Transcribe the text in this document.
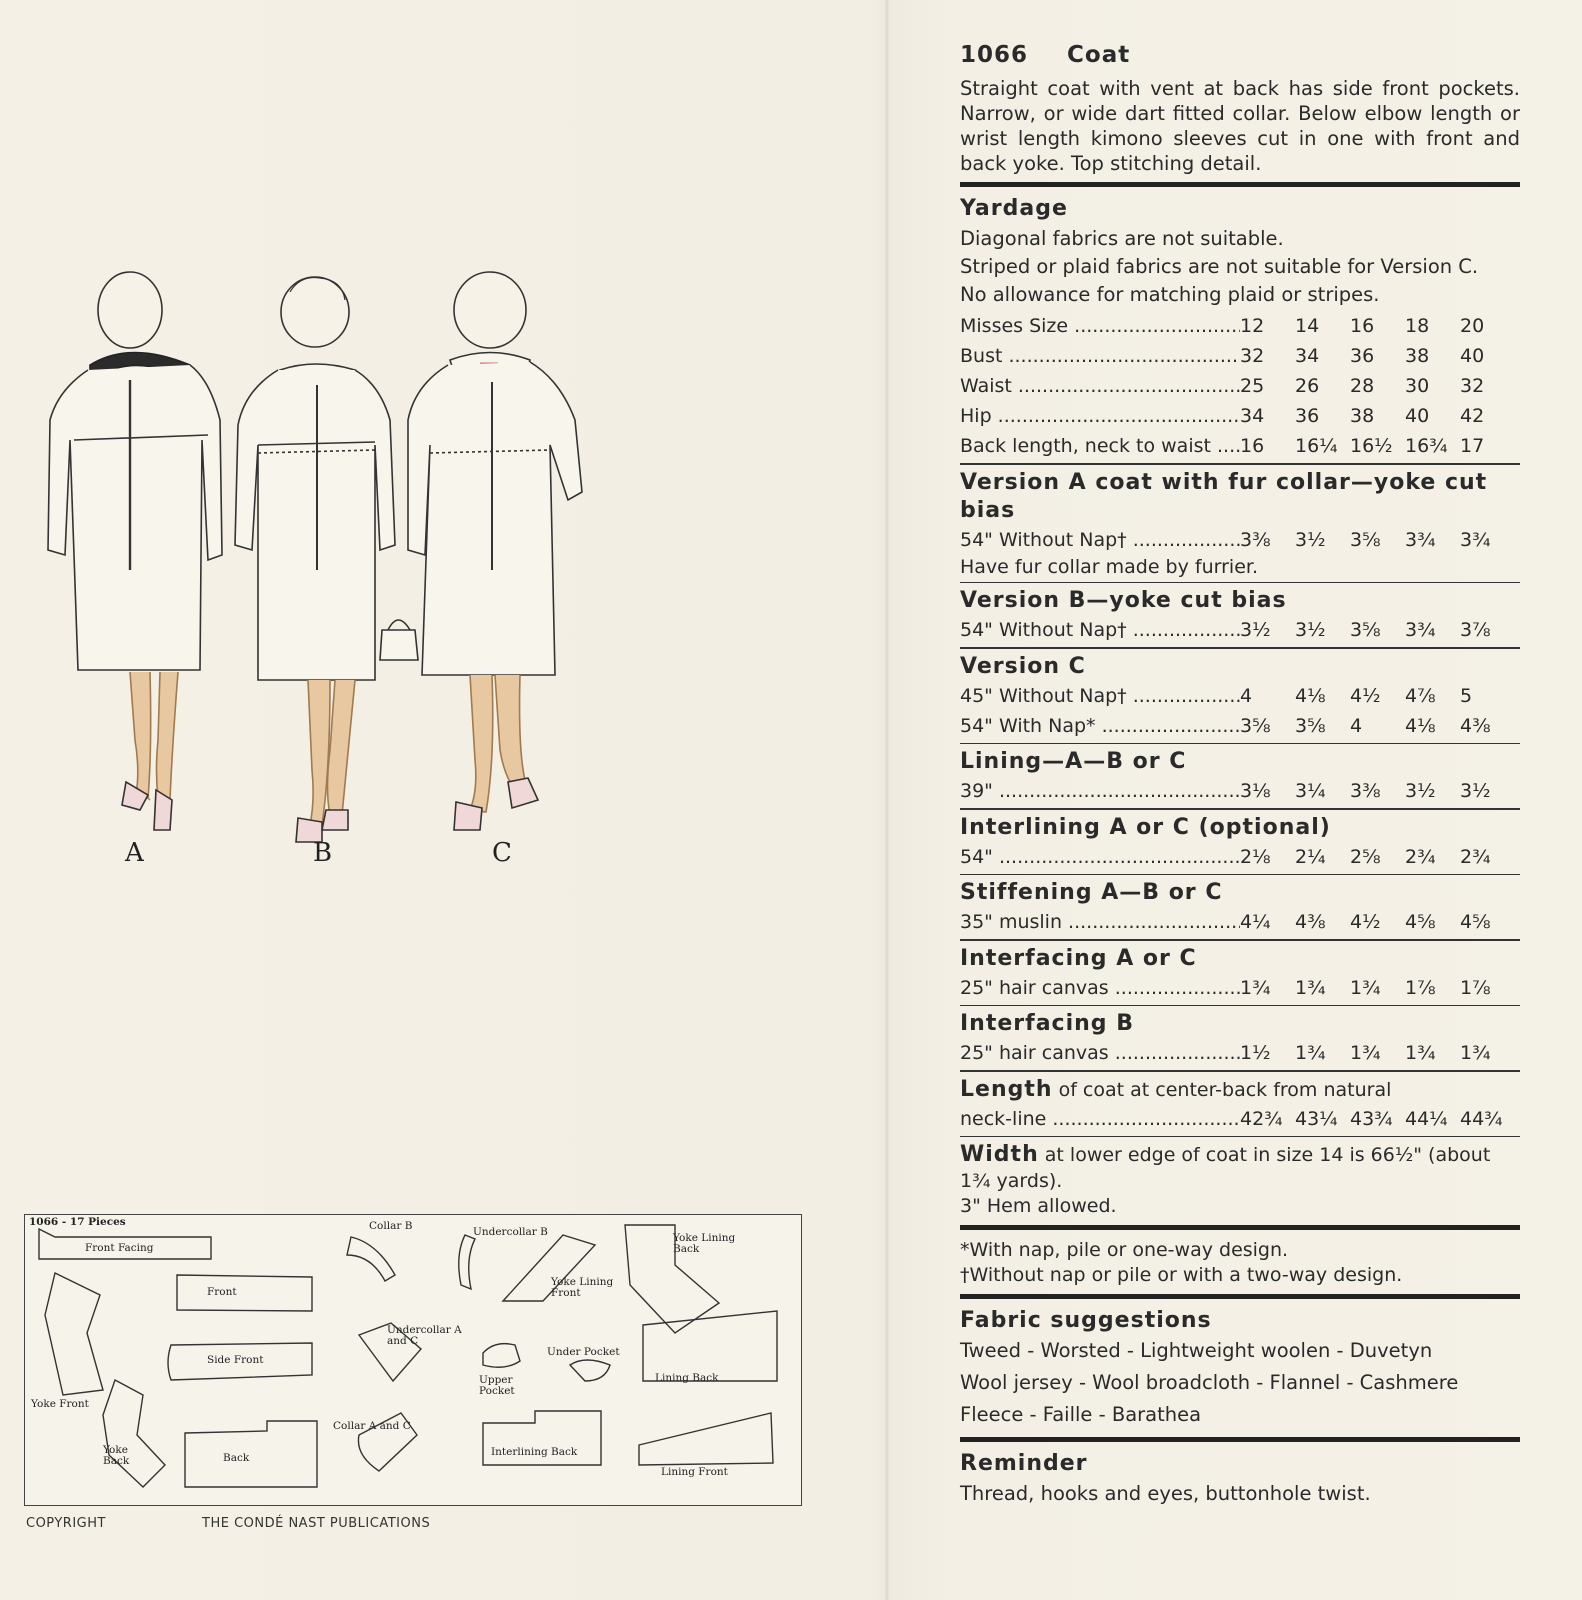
A	B	C
1066 - 17 Pieces
Front Facing
Front
Side Front
Yoke Front
Yoke Back	Back
Collar B	Undercollar B
Undercollar A and C
Collar A and C
Yoke Lining Front
Yoke Lining Back
Upper Pocket
Under Pocket
Interlining Back
Lining Back
Lining Front
COPYRIGHT	THE CONDÉ NAST PUBLICATIONS
1066 Coat
Straight coat with vent at back has side front pockets. Narrow, or wide dart fitted collar. Below elbow length or wrist length kimono sleeves cut in one with front and back yoke. Top stitching detail.
Yardage
Diagonal fabrics are not suitable.
Striped or plaid fabrics are not suitable for Version C.
No allowance for matching plaid or stripes.
Misses Size .....	12	14	16	18	20
Bust .....	32	34	36	38	40
Waist .....	25	26	28	30	32
Hip .....	34	36	38	40	42
Back length, neck to waist .....	16	16¼ 16½ 16¾ 17
Version A coat with fur collar—yoke cut bias
54" Without Nap† .....	3⅜	3½	3⅝	3¾	3¾
Have fur collar made by furrier.
Version B—yoke cut bias
54" Without Nap† .....	3½	3½	3⅝	3¾	3⅞
Version C
45" Without Nap† .....	4	4⅛	4½	4⅞	5
54" With Nap* .....	3⅝	3⅝	4	4⅛	4⅜
Lining—A—B or C
39" .....	3⅛	3¼	3⅜	3½	3½
Interlining A or C (optional)
54" .....	2⅛	2¼	2⅝	2¾	2¾
Stiffening A—B or C
35" muslin .....	4¼	4⅜	4½	4⅝	4⅝
Interfacing A or C
25" hair canvas .....	1¾	1¾	1¾	1⅞	1⅞
Interfacing B
25" hair canvas .....	1½	1¾	1¾	1¾	1¾
Length of coat at center-back from natural
neck-line .....	42¾ 43¼ 43¾ 44¼ 44¾
Width at lower edge of coat in size 14 is 66½" (about 1¾ yards).
3" Hem allowed.
*With nap, pile or one-way design.
†Without nap or pile or with a two-way design.
Fabric suggestions
Tweed - Worsted - Lightweight woolen - Duvetyn
Wool jersey - Wool broadcloth - Flannel - Cashmere
Fleece - Faille - Barathea
Reminder
Thread, hooks and eyes, buttonhole twist.
